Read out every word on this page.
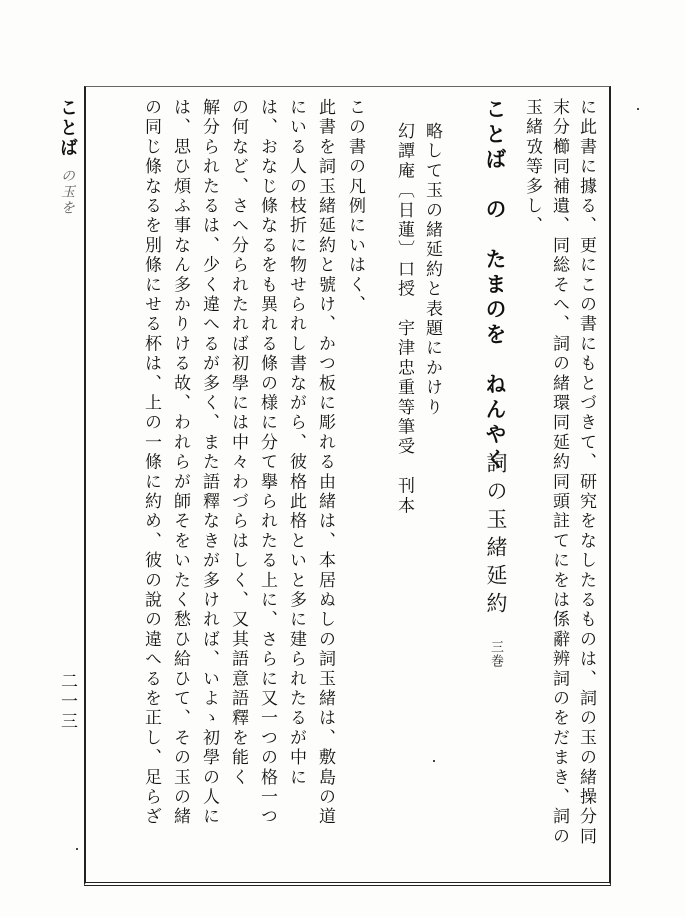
ことば
の玉を
二一三	に此書に據る、更にこの書にもとづきて、研究をなしたるものは、詞の玉の緒操分同
末分櫛同補遺、同総そへ、詞の緒環同延約同頭註てにをは係辭辨詞のをだまき、詞の
玉緒攷等多し、
ことば　の　たまのを　ねんやく
詞の玉緒延約
三巻
略して玉の緒延約と表題にかけり
幻譚庵〔日蓮〕口授　宇津忠重等筆受　刊本
この書の凡例にいはく、
此書を詞玉緒延約と號け、かつ板に彫れる由緒は、本居ぬしの詞玉緒は、敷島の道
にいる人の枝折に物せられし書ながら、彼格此格といと多に建られたるが中に
は、おなじ條なるをも異れる條の様に分て擧られたる上に、さらに又一つの格一つ
の何など、さへ分られたれば初學には中々わづらはしく、又其語意語釋を能く
解分られたるは、少く違へるが多く、また語釋なきが多ければ、いよゝ初學の人に
は、思ひ煩ふ事なん多かりける故、われらが師そをいたく愁ひ給ひて、その玉の緒
の同じ條なるを別條にせる杯は、上の一條に約め、彼の說の違へるを正し、足らざ
